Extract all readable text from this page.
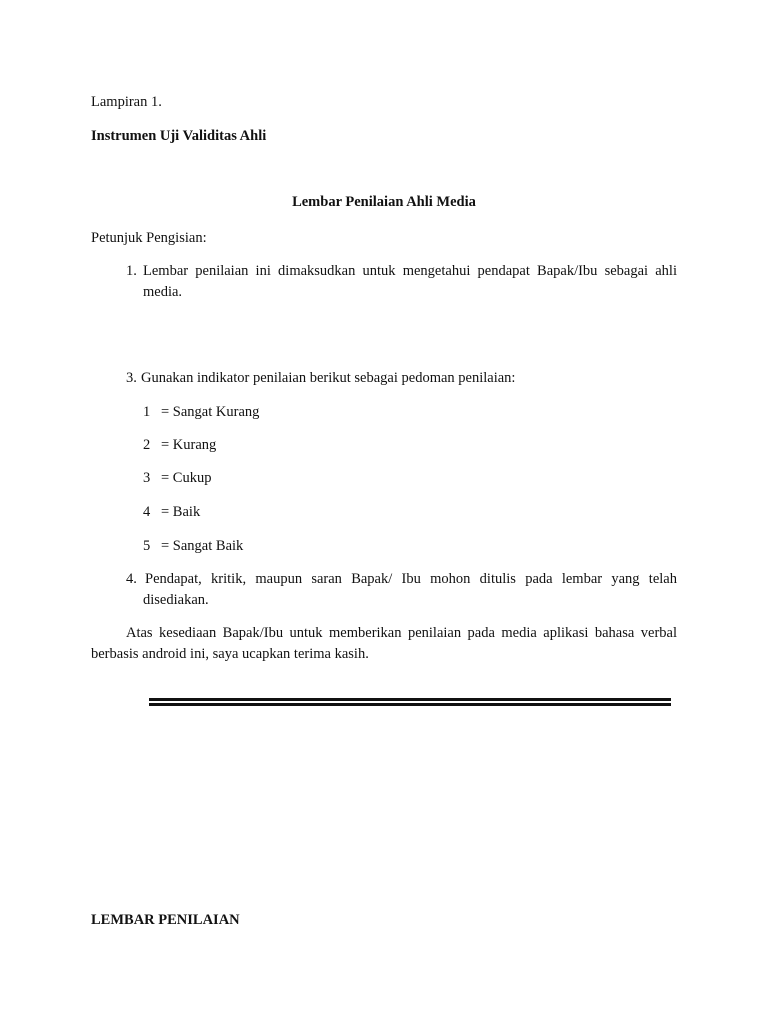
Lampiran 1.
Instrumen Uji Validitas Ahli
Lembar Penilaian Ahli Media
Petunjuk Pengisian:
1. Lembar penilaian ini dimaksudkan untuk mengetahui pendapat Bapak/Ibu sebagai ahli
media.
3. Gunakan indikator penilaian berikut sebagai pedoman penilaian:
1 = Sangat Kurang
2 = Kurang
3 = Cukup
4 = Baik
5 = Sangat Baik
4. Pendapat, kritik, maupun saran Bapak/ Ibu mohon ditulis pada lembar yang telah
disediakan.
Atas kesediaan Bapak/Ibu untuk memberikan penilaian pada media aplikasi bahasa verbal
berbasis android ini, saya ucapkan terima kasih.
LEMBAR PENILAIAN
